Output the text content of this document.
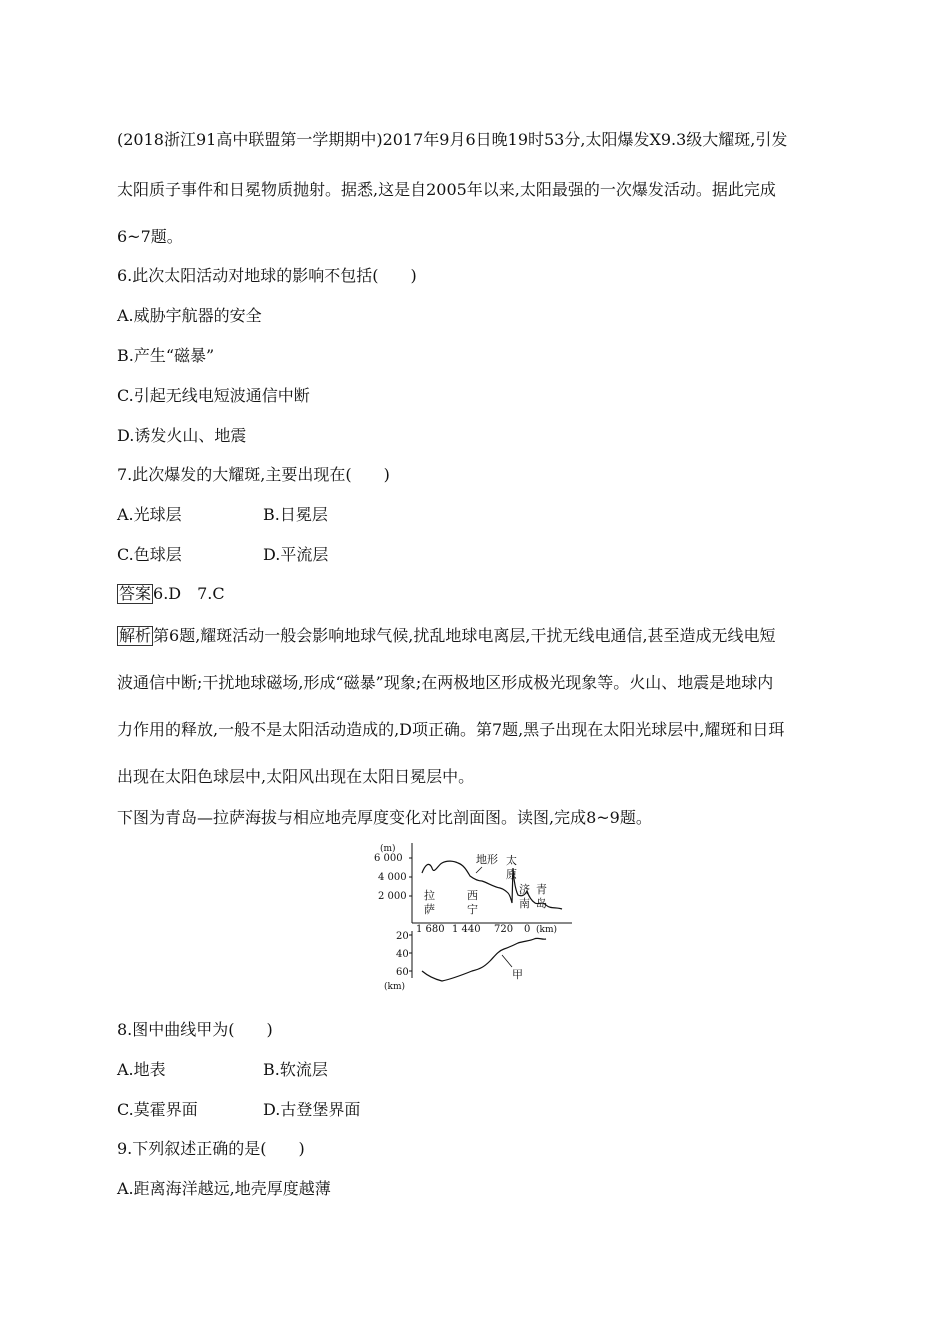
(2018浙江91高中联盟第一学期期中)2017年9月6日晚19时53分,太阳爆发X9.3级大耀斑,引发
太阳质子事件和日冕物质抛射。据悉,这是自2005年以来,太阳最强的一次爆发活动。据此完成
6~7题。
6.此次太阳活动对地球的影响不包括(　　)
A.威胁宇航器的安全
B.产生“磁暴”
C.引起无线电短波通信中断
D.诱发火山、地震
7.此次爆发的大耀斑,主要出现在(　　)
A.光球层	B.日冕层
C.色球层	D.平流层
答案 6.D　7.C
解析 第6题,耀斑活动一般会影响地球气候,扰乱地球电离层,干扰无线电通信,甚至造成无线电短
波通信中断;干扰地球磁场,形成“磁暴”现象;在两极地区形成极光现象等。火山、地震是地球内
力作用的释放,一般不是太阳活动造成的,D项正确。第7题,黑子出现在太阳光球层中,耀斑和日珥
出现在太阳色球层中,太阳风出现在太阳日冕层中。
下图为青岛—拉萨海拔与相应地壳厚度变化对比剖面图。读图,完成8~9题。
(m)
6 000
4 000
2 000
地形
拉
萨
西
宁
太
原
济
南
青
岛
1 680 1 440 720 0 (km)
20
40
60
(km)
甲
8.图中曲线甲为(　　)
A.地表	B.软流层
C.莫霍界面	D.古登堡界面
9.下列叙述正确的是(　　)
A.距离海洋越远,地壳厚度越薄
